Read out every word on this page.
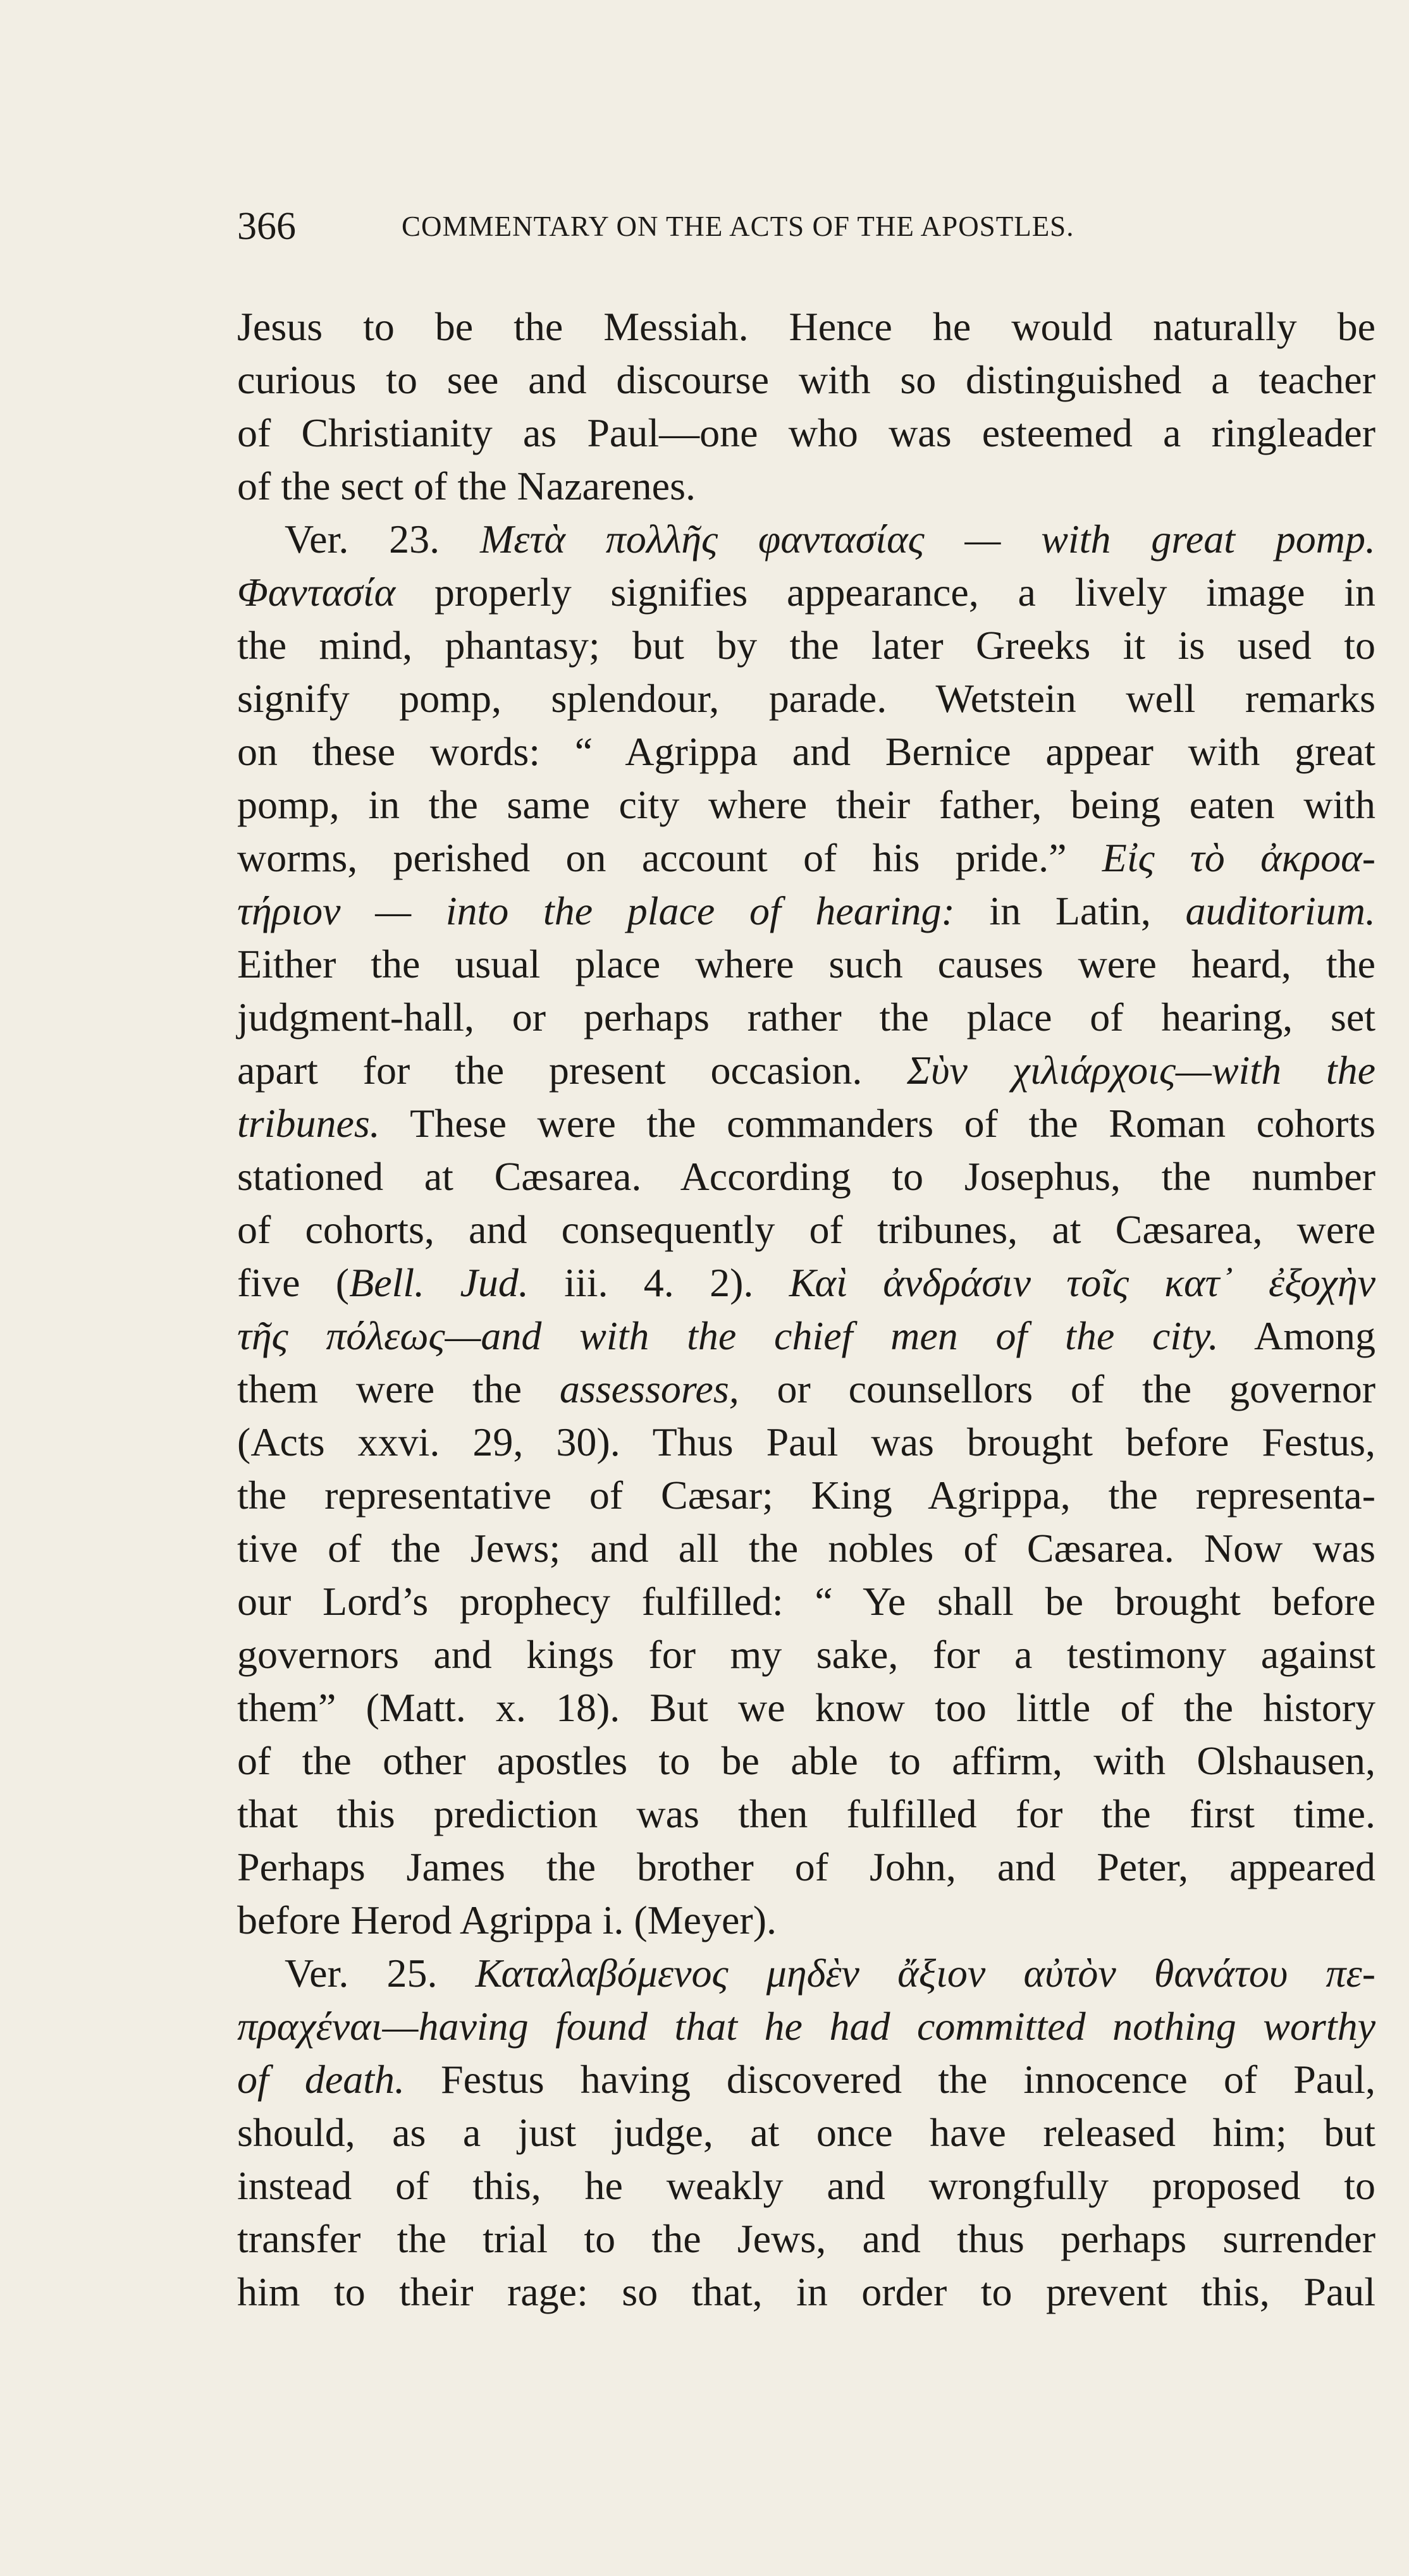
366	COMMENTARY ON THE ACTS OF THE APOSTLES.
Jesus to be the Messiah. Hence he would naturally be
curious to see and discourse with so distinguished a teacher
of Christianity as Paul—one who was esteemed a ringleader
of the sect of the Nazarenes.
Ver. 23. Μετὰ πολλῆς φαντασίας — with great pomp.
Φαντασία properly signifies appearance, a lively image in
the mind, phantasy; but by the later Greeks it is used to
signify pomp, splendour, parade. Wetstein well remarks
on these words: “ Agrippa and Bernice appear with great
pomp, in the same city where their father, being eaten with
worms, perished on account of his pride.” Εἰς τὸ ἀκροα-
τήριον — into the place of hearing: in Latin, auditorium.
Either the usual place where such causes were heard, the
judgment-hall, or perhaps rather the place of hearing, set
apart for the present occasion. Σὺν χιλιάρχοις—with the
tribunes. These were the commanders of the Roman cohorts
stationed at Cæsarea. According to Josephus, the number
of cohorts, and consequently of tribunes, at Cæsarea, were
five (Bell. Jud. iii. 4. 2). Καὶ ἀνδράσιν τοῖς κατ᾽ ἐξοχὴν
τῆς πόλεως—and with the chief men of the city. Among
them were the assessores, or counsellors of the governor
(Acts xxvi. 29, 30). Thus Paul was brought before Festus,
the representative of Cæsar; King Agrippa, the representa-
tive of the Jews; and all the nobles of Cæsarea. Now was
our Lord’s prophecy fulfilled: “ Ye shall be brought before
governors and kings for my sake, for a testimony against
them” (Matt. x. 18). But we know too little of the history
of the other apostles to be able to affirm, with Olshausen,
that this prediction was then fulfilled for the first time.
Perhaps James the brother of John, and Peter, appeared
before Herod Agrippa i. (Meyer).
Ver. 25. Καταλαβόμενος μηδὲν ἄξιον αὐτὸν θανάτου πε-
πραχέναι—having found that he had committed nothing worthy
of death. Festus having discovered the innocence of Paul,
should, as a just judge, at once have released him; but
instead of this, he weakly and wrongfully proposed to
transfer the trial to the Jews, and thus perhaps surrender
him to their rage: so that, in order to prevent this, Paul
